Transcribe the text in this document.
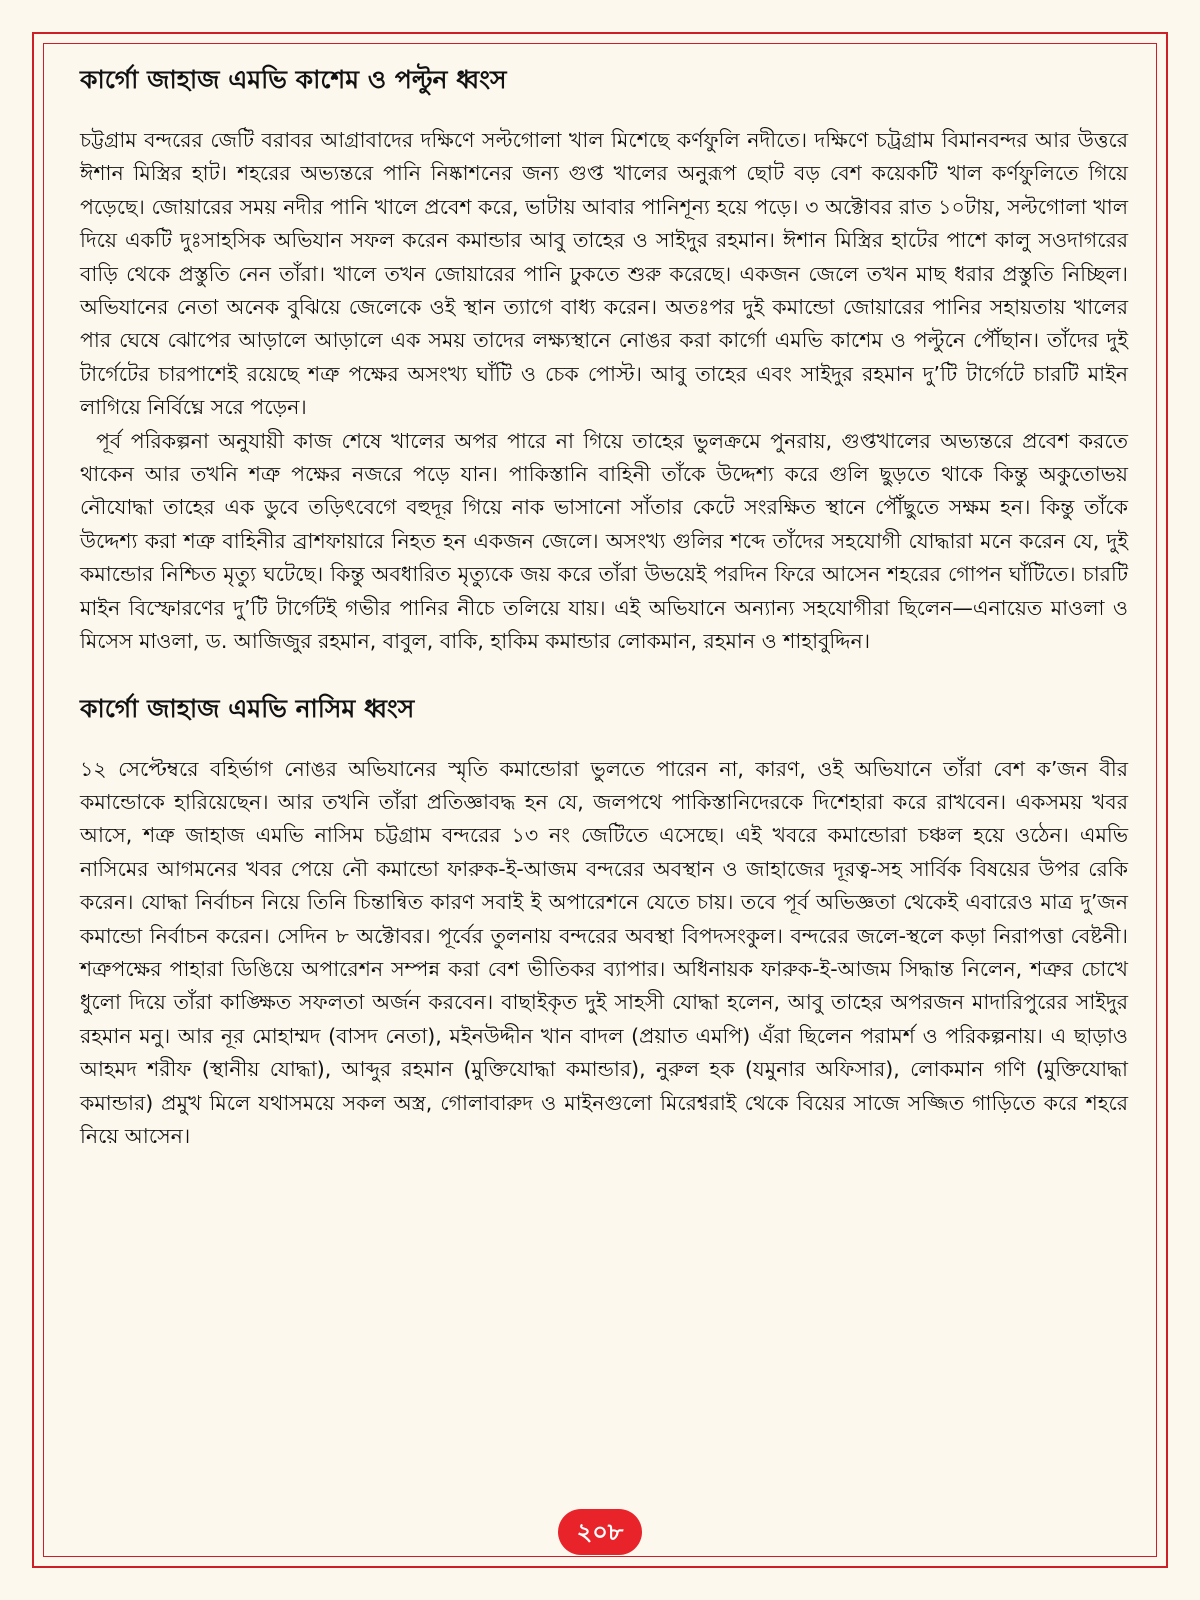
কার্গো জাহাজ এমভি কাশেম ও পল্টুন ধ্বংস

চট্টগ্রাম বন্দরের জেটি বরাবর আগ্রাবাদের দক্ষিণে সল্টগোলা খাল মিশেছে কর্ণফুলি নদীতে। দক্ষিণে চট্রগ্রাম বিমানবন্দর আর উত্তরে ঈশান মিস্ত্রির হাট। শহরের অভ্যন্তরে পানি নিষ্কাশনের জন্য গুপ্ত খালের অনুরূপ ছোট বড় বেশ কয়েকটি খাল কর্ণফুলিতে গিয়ে পড়েছে। জোয়ারের সময় নদীর পানি খালে প্রবেশ করে, ভাটায় আবার পানিশূন্য হয়ে পড়ে। ৩ অক্টোবর রাত ১০টায়, সল্টগোলা খাল দিয়ে একটি দুঃসাহসিক অভিযান সফল করেন কমান্ডার আবু তাহের ও সাইদুর রহমান। ঈশান মিস্ত্রির হাটের পাশে কালু সওদাগরের বাড়ি থেকে প্রস্তুতি নেন তাঁরা। খালে তখন জোয়ারের পানি ঢুকতে শুরু করেছে। একজন জেলে তখন মাছ ধরার প্রস্তুতি নিচ্ছিল। অভিযানের নেতা অনেক বুঝিয়ে জেলেকে ওই স্থান ত্যাগে বাধ্য করেন। অতঃপর দুই কমান্ডো জোয়ারের পানির সহায়তায় খালের পার ঘেষে ঝোপের আড়ালে আড়ালে এক সময় তাদের লক্ষ্যস্থানে নোঙর করা কার্গো এমভি কাশেম ও পল্টুনে পৌঁছান। তাঁদের দুই টার্গেটের চারপাশেই রয়েছে শত্রু পক্ষের অসংখ্য ঘাঁটি ও চেক পোস্ট। আবু তাহের এবং সাইদুর রহমান দু’টি টার্গেটে চারটি মাইন লাগিয়ে নির্বিঘ্নে সরে পড়েন।

পূর্ব পরিকল্পনা অনুযায়ী কাজ শেষে খালের অপর পারে না গিয়ে তাহের ভুলক্রমে পুনরায়, গুপ্তখালের অভ্যন্তরে প্রবেশ করতে থাকেন আর তখনি শত্রু পক্ষের নজরে পড়ে যান। পাকিস্তানি বাহিনী তাঁকে উদ্দেশ্য করে গুলি ছুড়তে থাকে কিন্তু অকুতোভয় নৌযোদ্ধা তাহের এক ডুবে তড়িৎবেগে বহুদূর গিয়ে নাক ভাসানো সাঁতার কেটে সংরক্ষিত স্থানে পৌঁছুতে সক্ষম হন। কিন্তু তাঁকে উদ্দেশ্য করা শত্রু বাহিনীর ব্রাশফায়ারে নিহত হন একজন জেলে। অসংখ্য গুলির শব্দে তাঁদের সহযোগী যোদ্ধারা মনে করেন যে, দুই কমান্ডোর নিশ্চিত মৃত্যু ঘটেছে। কিন্তু অবধারিত মৃত্যুকে জয় করে তাঁরা উভয়েই পরদিন ফিরে আসেন শহরের গোপন ঘাঁটিতে। চারটি মাইন বিস্ফোরণের দু’টি টার্গেটই গভীর পানির নীচে তলিয়ে যায়। এই অভিযানে অন্যান্য সহযোগীরা ছিলেন—এনায়েত মাওলা ও মিসেস মাওলা, ড. আজিজুর রহমান, বাবুল, বাকি, হাকিম কমান্ডার লোকমান, রহমান ও শাহাবুদ্দিন।

কার্গো জাহাজ এমভি নাসিম ধ্বংস

১২ সেপ্টেম্বরে বহির্ভাগ নোঙর অভিযানের স্মৃতি কমান্ডোরা ভুলতে পারেন না, কারণ, ওই অভিযানে তাঁরা বেশ ক’জন বীর কমান্ডোকে হারিয়েছেন। আর তখনি তাঁরা প্রতিজ্ঞাবদ্ধ হন যে, জলপথে পাকিস্তানিদেরকে দিশেহারা করে রাখবেন। একসময় খবর আসে, শত্রু জাহাজ এমভি নাসিম চট্টগ্রাম বন্দরের ১৩ নং জেটিতে এসেছে। এই খবরে কমান্ডোরা চঞ্চল হয়ে ওঠেন। এমভি নাসিমের আগমনের খবর পেয়ে নৌ কমান্ডো ফারুক-ই-আজম বন্দরের অবস্থান ও জাহাজের দূরত্ব-সহ সার্বিক বিষয়ের উপর রেকি করেন। যোদ্ধা নির্বাচন নিয়ে তিনি চিন্তান্বিত কারণ সবাই ই অপারেশনে যেতে চায়। তবে পূর্ব অভিজ্ঞতা থেকেই এবারেও মাত্র দু’জন কমান্ডো নির্বাচন করেন। সেদিন ৮ অক্টোবর। পূর্বের তুলনায় বন্দরের অবস্থা বিপদসংকুল। বন্দরের জলে-স্থলে কড়া নিরাপত্তা বেষ্টনী। শত্রুপক্ষের পাহারা ডিঙিয়ে অপারেশন সম্পন্ন করা বেশ ভীতিকর ব্যাপার। অধিনায়ক ফারুক-ই-আজম সিদ্ধান্ত নিলেন, শত্রুর চোখে ধুলো দিয়ে তাঁরা কাঙ্ক্ষিত সফলতা অর্জন করবেন। বাছাইকৃত দুই সাহসী যোদ্ধা হলেন, আবু তাহের অপরজন মাদারিপুরের সাইদুর রহমান মনু। আর নূর মোহাম্মদ (বাসদ নেতা), মইনউদ্দীন খান বাদল (প্রয়াত এমপি) এঁরা ছিলেন পরামর্শ ও পরিকল্পনায়। এ ছাড়াও আহমদ শরীফ (স্থানীয় যোদ্ধা), আব্দুর রহমান (মুক্তিযোদ্ধা কমান্ডার), নুরুল হক (যমুনার অফিসার), লোকমান গণি (মুক্তিযোদ্ধা কমান্ডার) প্রমুখ মিলে যথাসময়ে সকল অস্ত্র, গোলাবারুদ ও মাইনগুলো মিরেশ্বরাই থেকে বিয়ের সাজে সজ্জিত গাড়িতে করে শহরে নিয়ে আসেন।

২০৮
